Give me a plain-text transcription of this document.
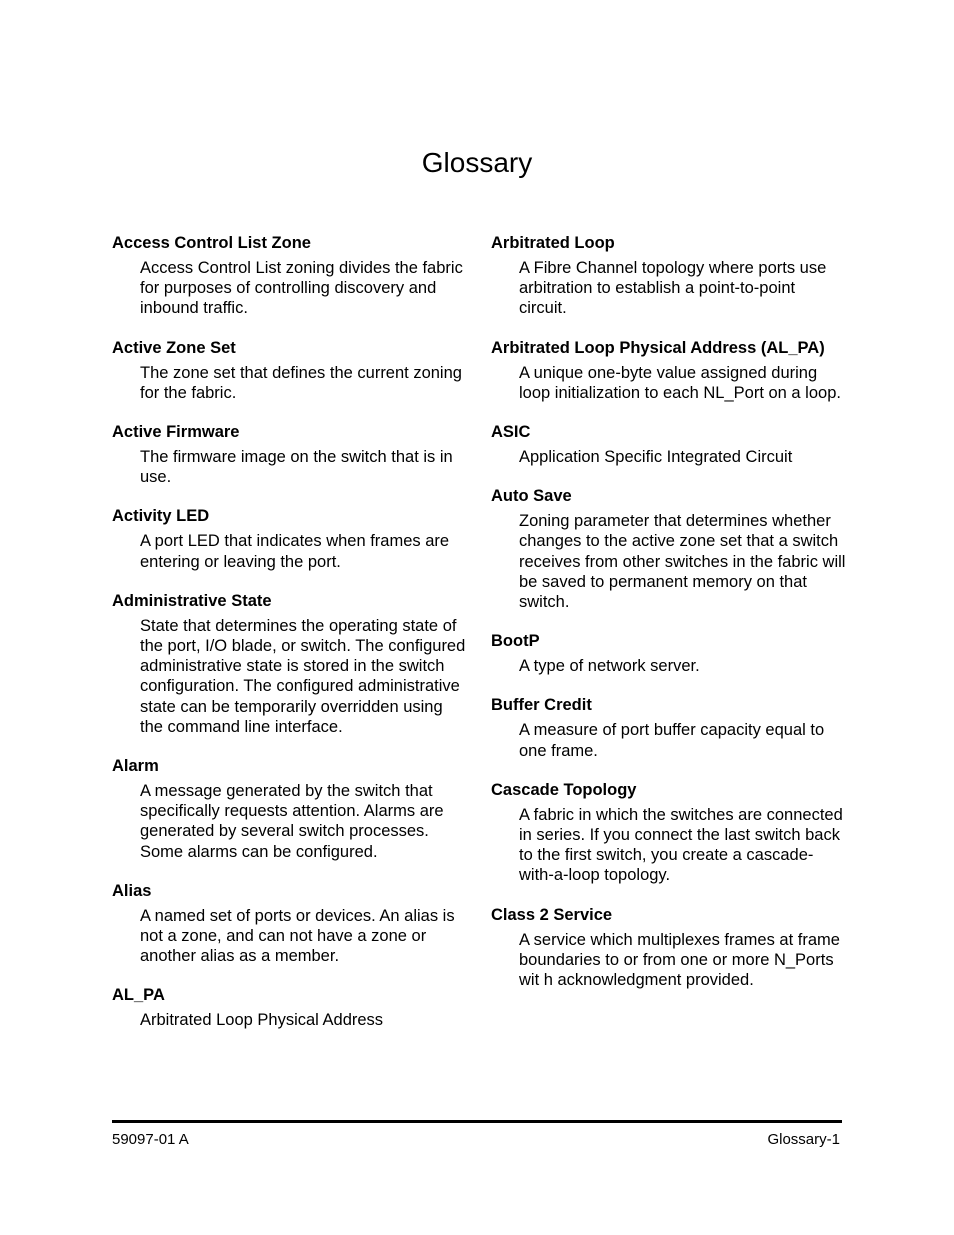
Glossary
Access Control List Zone
Access Control List zoning divides the fabric for purposes of controlling discovery and inbound traffic.
Active Zone Set
The zone set that defines the current zoning for the fabric.
Active Firmware
The firmware image on the switch that is in use.
Activity LED
A port LED that indicates when frames are entering or leaving the port.
Administrative State
State that determines the operating state of the port, I/O blade, or switch. The configured administrative state is stored in the switch configuration. The configured administrative state can be temporarily overridden using the command line interface.
Alarm
A message generated by the switch that specifically requests attention. Alarms are generated by several switch processes. Some alarms can be configured.
Alias
A named set of ports or devices. An alias is not a zone, and can not have a zone or another alias as a member.
AL_PA
Arbitrated Loop Physical Address
Arbitrated Loop
A Fibre Channel topology where ports use arbitration to establish a point-to-point circuit.
Arbitrated Loop Physical Address (AL_PA)
A unique one-byte value assigned during loop initialization to each NL_Port on a loop.
ASIC
Application Specific Integrated Circuit
Auto Save
Zoning parameter that determines whether changes to the active zone set that a switch receives from other switches in the fabric will be saved to permanent memory on that switch.
BootP
A type of network server.
Buffer Credit
A measure of port buffer capacity equal to one frame.
Cascade Topology
A fabric in which the switches are connected in series. If you connect the last switch back to the first switch, you create a cascade-with-a-loop topology.
Class 2 Service
A service which multiplexes frames at frame boundaries to or from one or more N_Ports wit h acknowledgment provided.
59097-01 A	Glossary-1
